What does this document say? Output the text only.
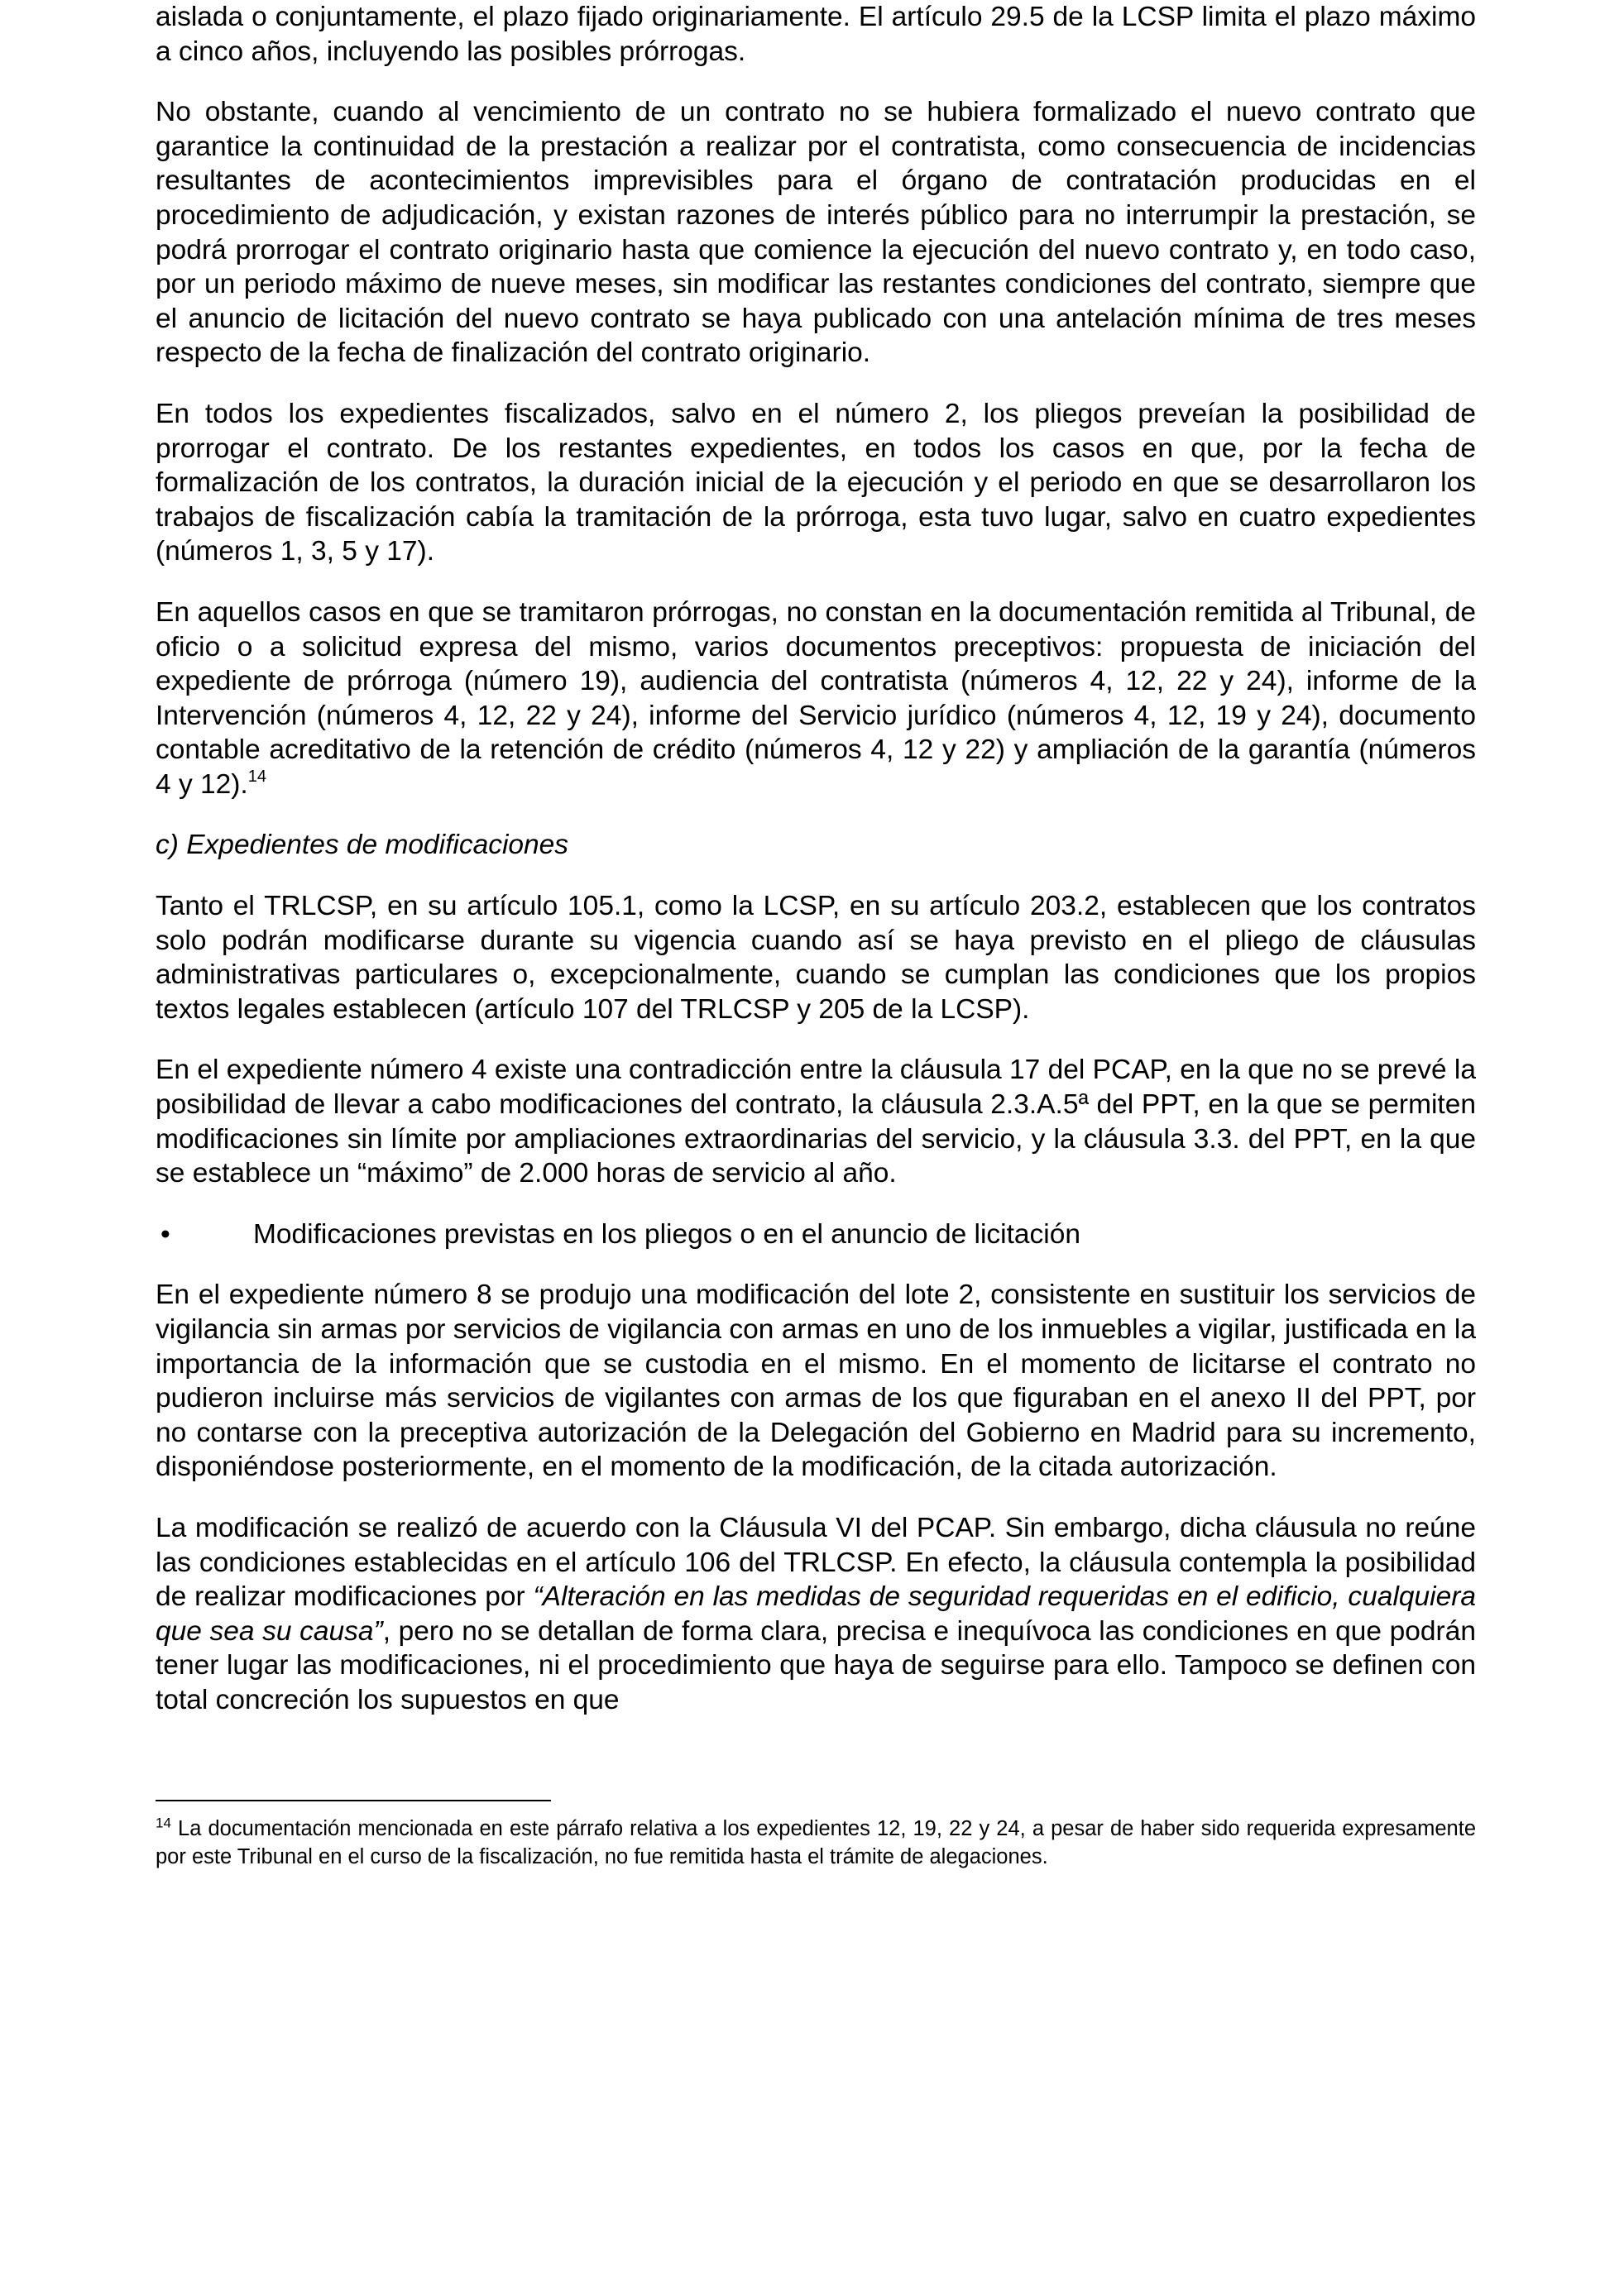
aislada o conjuntamente, el plazo fijado originariamente. El artículo 29.5 de la LCSP limita el plazo máximo a cinco años, incluyendo las posibles prórrogas.

No obstante, cuando al vencimiento de un contrato no se hubiera formalizado el nuevo contrato que garantice la continuidad de la prestación a realizar por el contratista, como consecuencia de incidencias resultantes de acontecimientos imprevisibles para el órgano de contratación producidas en el procedimiento de adjudicación, y existan razones de interés público para no interrumpir la prestación, se podrá prorrogar el contrato originario hasta que comience la ejecución del nuevo contrato y, en todo caso, por un periodo máximo de nueve meses, sin modificar las restantes condiciones del contrato, siempre que el anuncio de licitación del nuevo contrato se haya publicado con una antelación mínima de tres meses respecto de la fecha de finalización del contrato originario.

En todos los expedientes fiscalizados, salvo en el número 2, los pliegos preveían la posibilidad de prorrogar el contrato. De los restantes expedientes, en todos los casos en que, por la fecha de formalización de los contratos, la duración inicial de la ejecución y el periodo en que se desarrollaron los trabajos de fiscalización cabía la tramitación de la prórroga, esta tuvo lugar, salvo en cuatro expedientes (números 1, 3, 5 y 17).

En aquellos casos en que se tramitaron prórrogas, no constan en la documentación remitida al Tribunal, de oficio o a solicitud expresa del mismo, varios documentos preceptivos: propuesta de iniciación del expediente de prórroga (número 19), audiencia del contratista (números 4, 12, 22 y 24), informe de la Intervención (números 4, 12, 22 y 24), informe del Servicio jurídico (números 4, 12, 19 y 24), documento contable acreditativo de la retención de crédito (números 4, 12 y 22) y ampliación de la garantía (números 4 y 12).$^{14}$

c) Expedientes de modificaciones

Tanto el TRLCSP, en su artículo 105.1, como la LCSP, en su artículo 203.2, establecen que los contratos solo podrán modificarse durante su vigencia cuando así se haya previsto en el pliego de cláusulas administrativas particulares o, excepcionalmente, cuando se cumplan las condiciones que los propios textos legales establecen (artículo 107 del TRLCSP y 205 de la LCSP).

En el expediente número 4 existe una contradicción entre la cláusula 17 del PCAP, en la que no se prevé la posibilidad de llevar a cabo modificaciones del contrato, la cláusula 2.3.A.5ª del PPT, en la que se permiten modificaciones sin límite por ampliaciones extraordinarias del servicio, y la cláusula 3.3. del PPT, en la que se establece un “máximo” de 2.000 horas de servicio al año.

•	Modificaciones previstas en los pliegos o en el anuncio de licitación

En el expediente número 8 se produjo una modificación del lote 2, consistente en sustituir los servicios de vigilancia sin armas por servicios de vigilancia con armas en uno de los inmuebles a vigilar, justificada en la importancia de la información que se custodia en el mismo. En el momento de licitarse el contrato no pudieron incluirse más servicios de vigilantes con armas de los que figuraban en el anexo II del PPT, por no contarse con la preceptiva autorización de la Delegación del Gobierno en Madrid para su incremento, disponiéndose posteriormente, en el momento de la modificación, de la citada autorización.

La modificación se realizó de acuerdo con la Cláusula VI del PCAP. Sin embargo, dicha cláusula no reúne las condiciones establecidas en el artículo 106 del TRLCSP. En efecto, la cláusula contempla la posibilidad de realizar modificaciones por “Alteración en las medidas de seguridad requeridas en el edificio, cualquiera que sea su causa”, pero no se detallan de forma clara, precisa e inequívoca las condiciones en que podrán tener lugar las modificaciones, ni el procedimiento que haya de seguirse para ello. Tampoco se definen con total concreción los supuestos en que

$^{14}$ La documentación mencionada en este párrafo relativa a los expedientes 12, 19, 22 y 24, a pesar de haber sido requerida expresamente por este Tribunal en el curso de la fiscalización, no fue remitida hasta el trámite de alegaciones.
